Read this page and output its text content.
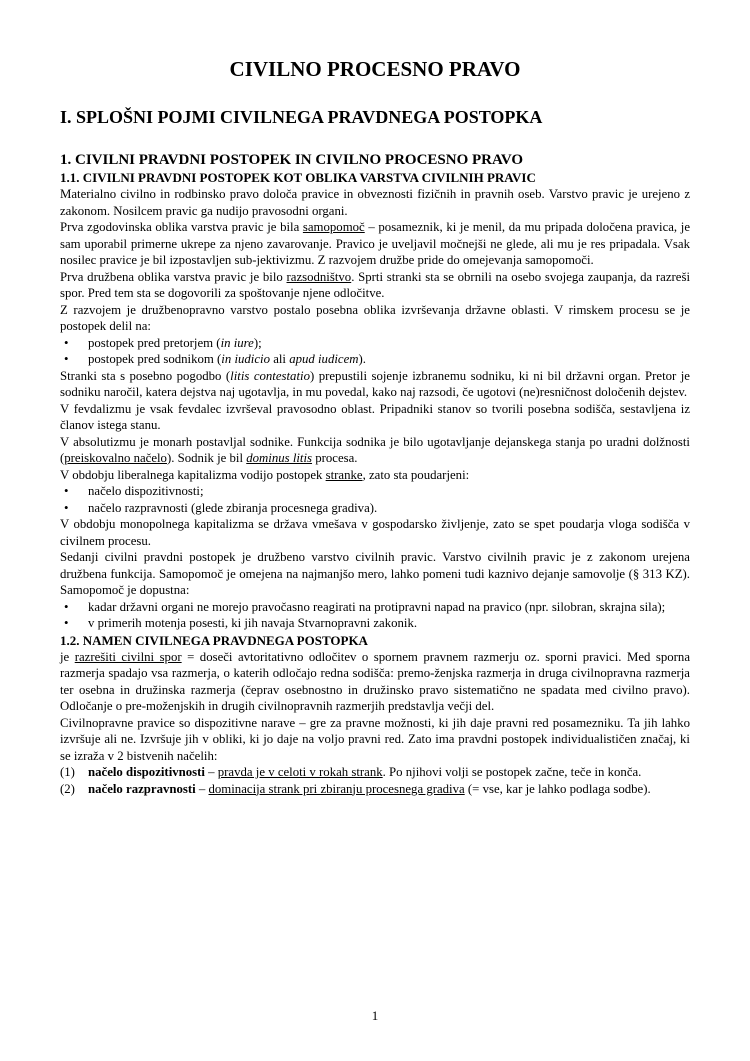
CIVILNO PROCESNO PRAVO
I. SPLOŠNI POJMI CIVILNEGA PRAVDNEGA POSTOPKA
1. CIVILNI PRAVDNI POSTOPEK IN CIVILNO PROCESNO PRAVO
1.1. CIVILNI PRAVDNI POSTOPEK KOT OBLIKA VARSTVA CIVILNIH PRAVIC
Materialno civilno in rodbinsko pravo določa pravice in obveznosti fizičnih in pravnih oseb. Varstvo pravic je urejeno z zakonom. Nosilcem pravic ga nudijo pravosodni organi.
Prva zgodovinska oblika varstva pravic je bila samopomoč – posameznik, ki je menil, da mu pripada določena pravica, je sam uporabil primerne ukrepe za njeno zavarovanje. Pravico je uveljavil močnejši ne glede, ali mu je res pripadala. Vsak nosilec pravice je bil izpostavljen sub-jektivizmu. Z razvojem družbe pride do omejevanja samopomoči.
Prva družbena oblika varstva pravic je bilo razsodništvo. Sprti stranki sta se obrnili na osebo svojega zaupanja, da razreši spor. Pred tem sta se dogovorili za spoštovanje njene odločitve.
Z razvojem je družbenopravno varstvo postalo posebna oblika izvrševanja državne oblasti. V rimskem procesu se je postopek delil na:
•	postopek pred pretorjem (in iure);
•	postopek pred sodnikom (in iudicio ali apud iudicem).
Stranki sta s posebno pogodbo (litis contestatio) prepustili sojenje izbranemu sodniku, ki ni bil državni organ. Pretor je sodniku naročil, katera dejstva naj ugotavlja, in mu povedal, kako naj razsodi, če ugotovi (ne)resničnost določenih dejstev.
V fevdalizmu je vsak fevdalec izvrševal pravosodno oblast. Pripadniki stanov so tvorili posebna sodišča, sestavljena iz članov istega stanu.
V absolutizmu je monarh postavljal sodnike. Funkcija sodnika je bilo ugotavljanje dejanskega stanja po uradni dolžnosti (preiskovalno načelo). Sodnik je bil dominus litis procesa.
V obdobju liberalnega kapitalizma vodijo postopek stranke, zato sta poudarjeni:
•	načelo dispozitivnosti;
•	načelo razpravnosti (glede zbiranja procesnega gradiva).
V obdobju monopolnega kapitalizma se država vmešava v gospodarsko življenje, zato se spet poudarja vloga sodišča v civilnem procesu.
Sedanji civilni pravdni postopek je družbeno varstvo civilnih pravic. Varstvo civilnih pravic je z zakonom urejena družbena funkcija. Samopomoč je omejena na najmanjšo mero, lahko pomeni tudi kaznivo dejanje samovolje (§ 313 KZ). Samopomoč je dopustna:
•	kadar državni organi ne morejo pravočasno reagirati na protipravni napad na pravico (npr. silobran, skrajna sila);
•	v primerih motenja posesti, ki jih navaja Stvarnopravni zakonik.
1.2. NAMEN CIVILNEGA PRAVDNEGA POSTOPKA
je razrešiti civilni spor = doseči avtoritativno odločitev o spornem pravnem razmerju oz. sporni pravici. Med sporna razmerja spadajo vsa razmerja, o katerih odločajo redna sodišča: premo-ženjska razmerja in druga civilnopravna razmerja ter osebna in družinska razmerja (čeprav osebnostno in družinsko pravo sistematično ne spadata med civilno pravo). Odločanje o pre-moženjskih in drugih civilnopravnih razmerjih predstavlja večji del.
Civilnopravne pravice so dispozitivne narave – gre za pravne možnosti, ki jih daje pravni red posamezniku. Ta jih lahko izvršuje ali ne. Izvršuje jih v obliki, ki jo daje na voljo pravni red. Zato ima pravdni postopek individualističen značaj, ki se izraža v 2 bistvenih načelih:
(1)	načelo dispozitivnosti – pravda je v celoti v rokah strank. Po njihovi volji se postopek začne, teče in konča.
(2)	načelo razpravnosti – dominacija strank pri zbiranju procesnega gradiva (= vse, kar je lahko podlaga sodbe).
1
